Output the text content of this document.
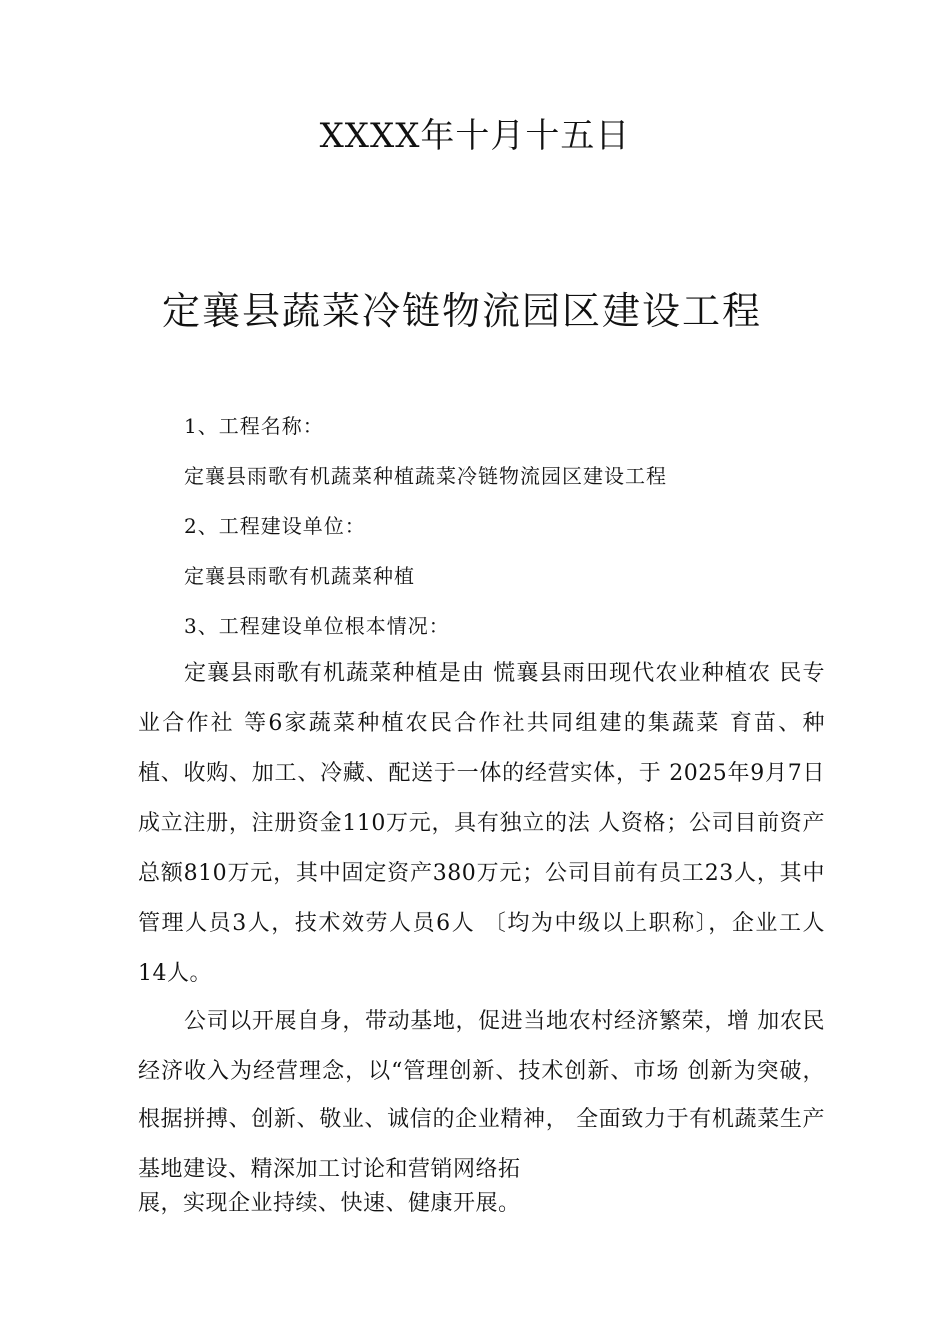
XXXX年十月十五日
定襄县蔬菜冷链物流园区建设工程
1、工程名称：
定襄县雨歌有机蔬菜种植蔬菜冷链物流园区建设工程
2、工程建设单位：
定襄县雨歌有机蔬菜种植
3、工程建设单位根本情况：
定襄县雨歌有机蔬菜种植是由 慌襄县雨田现代农业种植农 民专
业合作社 等6家蔬菜种植农民合作社共同组建的集蔬菜 育苗、种
植、收购、加工、冷藏、配送于一体的经营实体，于 2025年9月7日
成立注册，注册资金110万元，具有独立的法 人资格；公司目前资产
总额810万元，其中固定资产380万元；公司目前有员工23人，其中
管理人员3人，技术效劳人员6人 〔均为中级以上职称〕，企业工人
14人。
公司以开展自身，带动基地，促进当地农村经济繁荣，增 加农民
经济收入为经营理念，以“管理创新、技术创新、市场 创新为突破，
根据拼搏、创新、敬业、诚信的企业精神， 全面致力于有机蔬菜生产
基地建设、精深加工讨论和营销网络拓
展，实现企业持续、快速、健康开展。
